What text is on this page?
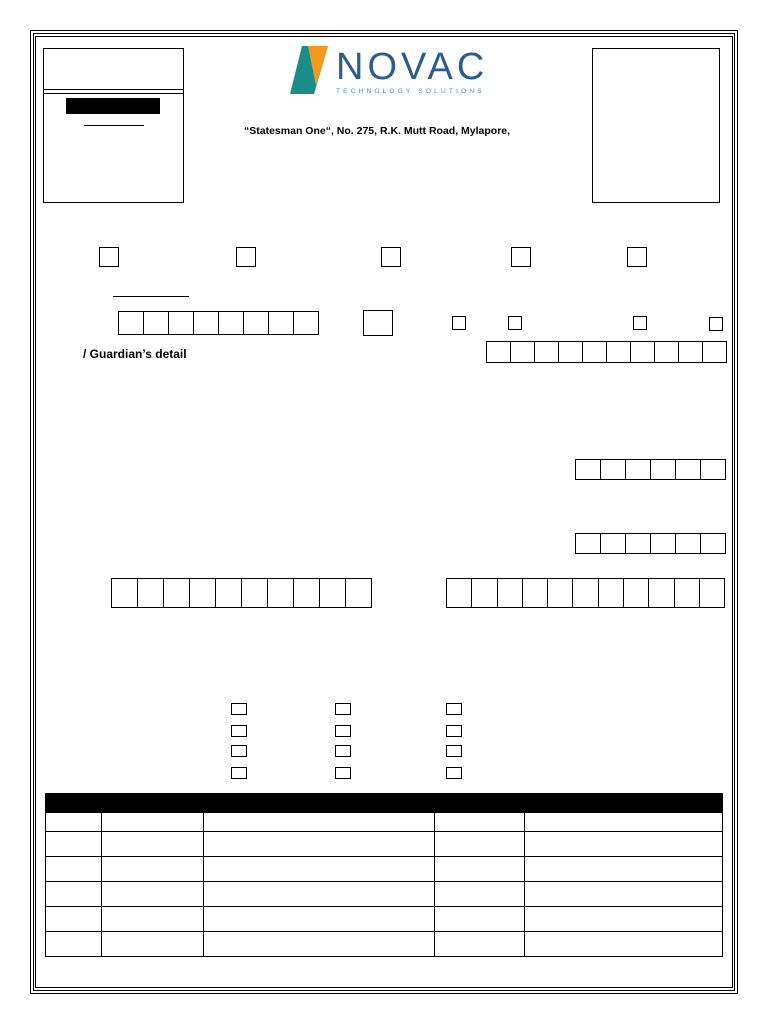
NOVAC
TECHNOLOGY SOLUTIONS
“Statesman One“, No. 275, R.K. Mutt Road, Mylapore,
/ Guardian’s detail
